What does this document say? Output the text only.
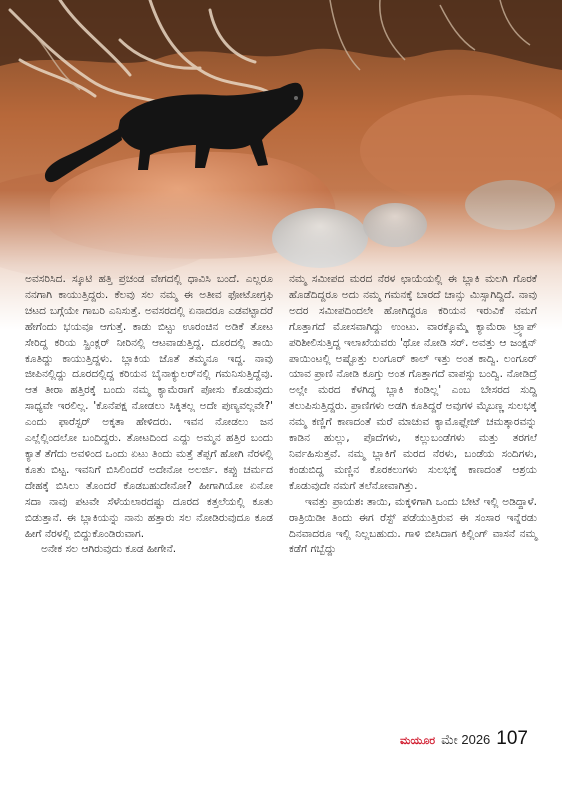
ಅವಸರಿಸಿದ. ಸ್ಕೂಟಿ ಹತ್ತಿ ಪ್ರಚಂಡ ವೇಗದಲ್ಲಿ ಧಾವಿಸಿ ಬಂದೆ. ಎಲ್ಲರೂ ನನಗಾಗಿ ಕಾಯುತ್ತಿದ್ದರು. ಕೆಲವು ಸಲ ನಮ್ಮ ಈ ಅತೀವ ಫೋಟೋಗ್ರಫಿ ಚಟದ ಬಗ್ಗೆಯೇ ಗಾಬರಿ ಎನಿಸುತ್ತೆ. ಅವಸರದಲ್ಲಿ ಏನಾದರೂ ಎಡವಟ್ಟಾದರೆ ಹೇಗೆಂದು ಭಯವೂ ಆಗುತ್ತೆ. ಕಾಡು ಬಿಟ್ಟು ಊರಂಚಿನ ಅಡಿಕೆ ತೋಟ ಸೇರಿದ್ದ ಕರಿಯ ಸ್ಪ್ರಿಂಕ್ಲರ್ ನೀರಿನಲ್ಲಿ ಆಟವಾಡುತ್ತಿದ್ದ. ದೂರದಲ್ಲಿ ತಾಯಿ ಕೂತಿದ್ದು ಕಾಯುತ್ತಿದ್ದಳು. ಬ್ಲಾಕಿಯ ಜೊತೆ ತಮ್ಮನೂ ಇದ್ದ. ನಾವು ಜೀಪಿನಲ್ಲಿದ್ದು ದೂರದಲ್ಲಿದ್ದ ಕರಿಯನ ಬೈನಾಕ್ಯುಲರ್‌ನಲ್ಲಿ ಗಮನಿಸುತ್ತಿದ್ದೆವು. ಆತ ತೀರಾ ಹತ್ತಿರಕ್ಕೆ ಬಂದು ನಮ್ಮ ಕ್ಯಾಮೆರಾಗೆ ಪೋಸು ಕೊಡುವುದು ಸಾಧ್ಯವೇ ಇರಲಿಲ್ಲ. 'ಕೊನೆಪಕ್ಷ ನೋಡಲು ಸಿಕ್ಕಿತಲ್ಲ ಅದೇ ಪುಣ್ಯವಲ್ಲವೇ?' ಎಂದು ಫಾರೆಸ್ಟರ್ ಅಕ್ಕತಾ ಹೇಳಿದರು. ಇವನ ನೋಡಲು ಜನ ಎಲ್ಲೆಲ್ಲಿಂದಲೋ ಬಂದಿದ್ದರು. ತೋಟದಿಂದ ಎದ್ದು ಅಮ್ಮನ ಹತ್ತಿರ ಬಂದು ಕ್ಯಾತೆ ತೆಗೆದು ಅವಳಿಂದ ಒಂದು ಏಟು ತಿಂದು ಮತ್ತೆ ತೆಪ್ಪಗೆ ಹೋಗಿ ನೆರಳಲ್ಲಿ ಕೂತು ಬಿಟ್ಟ. ಇವನಿಗೆ ಬಿಸಿಲಿಂದರೆ ಅದೇನೋ ಅಲರ್ಜಿ. ಕಪ್ಪು ಚರ್ಮದ ದೇಹಕ್ಕೆ ಬಿಸಿಲು ತೊಂದರೆ ಕೊಡಬಹುದೇನೋ? ಹೀಗಾಗಿಯೋ ಏನೋ ಸದಾ ನಾವು ಪಟವೇ ಸೆಳೆಯಲಾರದಷ್ಟು ದೂರದ ಕತ್ತಲೆಯಲ್ಲಿ ಕೂತು ಬಿಡುತ್ತಾನೆ. ಈ ಬ್ಲಾಕಿಯನ್ನು ನಾನು ಹತ್ತಾರು ಸಲ ನೋಡಿರುವುದೂ ಕೂಡ ಹೀಗೆ ನೆರಳಲ್ಲಿ ಬಿದ್ದುಕೊಂಡಿರುವಾಗ.

ಅನೇಕ ಸಲ ಆಗಿರುವುದು ಕೂಡ ಹೀಗೇನೆ.

ನಮ್ಮ ಸಮೀಪದ ಮರದ ನೆರಳ ಛಾಯೆಯಲ್ಲಿ ಈ ಬ್ಲಾಕಿ ಮಲಗಿ ಗೊರಕೆ ಹೊಡೆದಿದ್ದರೂ ಅದು ನಮ್ಮ ಗಮನಕ್ಕೆ ಬಾರದೆ ಚಾನ್ಸು ಮಿಸ್ಸಾಗಿದ್ದಿದೆ. ನಾವು ಅದರ ಸಮೀಪದಿಂದಲೇ ಹೋಗಿದ್ದರೂ ಕರಿಯನ ಇರುವಿಕೆ ನಮಗೆ ಗೊತ್ತಾಗದೆ ಮೋಸವಾಗಿದ್ದು ಉಂಟು. ವಾರಕ್ಕೊಮ್ಮೆ ಕ್ಯಾಮೆರಾ ಟ್ರ್ಯಾಪ್ ಪರಿಶೀಲಿಸುತ್ತಿದ್ದ ಇಲಾಖೆಯವರು 'ಥೋ ನೋಡಿ ಸರ್. ಅವತ್ತು ಆ ಜಂಕ್ಷನ್ ಪಾಯಿಂಟಲ್ಲಿ ಅಷ್ಟೊತ್ತು ಲಂಗೂರ್ ಕಾಲ್ ಇತ್ತು ಅಂತ ಕಾದ್ವಿ. ಲಂಗೂರ್ ಯಾವ ಪ್ರಾಣಿ ನೋಡಿ ಕೂಗ್ತು ಅಂತ ಗೊತ್ತಾಗದೆ ವಾಪಸ್ಸು ಬಂದ್ವಿ. ನೋಡಿದ್ರೆ ಅಲ್ಲೇ ಮರದ ಕೆಳಗಿದ್ದ ಬ್ಲಾಕಿ ಕಂಡಿಲ್ಲ' ಎಂಬ ಬೇಸರದ ಸುದ್ದಿ ತಲುಪಿಸುತ್ತಿದ್ದರು. ಪ್ರಾಣಿಗಳು ಅಡಗಿ ಕೂತಿದ್ದರೆ ಅವುಗಳ ಮೈಬಣ್ಣ ಸುಲಭಕ್ಕೆ ನಮ್ಮ ಕಣ್ಣಿಗೆ ಕಾಣದಂತೆ ಮರೆ ಮಾಚುವ ಕ್ಯಾಮೊಫ್ಲೇಜ್ ಚಮತ್ಕಾರವನ್ನು ಕಾಡಿನ ಹುಲ್ಲು, ಪೊದೆಗಳು, ಕಲ್ಲುಬಂಡೆಗಳು ಮತ್ತು ತರಗಲೆ ನಿರ್ವಹಿಸುತ್ತವೆ. ನಮ್ಮ ಬ್ಲಾಕಿಗೆ ಮರದ ನೆರಳು, ಬಂಡೆಯ ಸಂದಿಗಳು, ಕಂಡುಬಿದ್ದ ಮಣ್ಣಿನ ಕೊರಕಲುಗಳು ಸುಲಭಕ್ಕೆ ಕಾಣದಂತೆ ಆಶ್ರಯ ಕೊಡುವುದೇ ನಮಗೆ ತಲೆನೋವಾಗಿತ್ತು.

ಇವತ್ತು ಪ್ರಾಯಶಃ ತಾಯಿ, ಮಕ್ಕಳಿಗಾಗಿ ಒಂದು ಬೇಟೆ ಇಲ್ಲಿ ಅಡಿದ್ದಾಳೆ. ರಾತ್ರಿಯಿಡೀ ತಿಂದು ಈಗ ರೆಸ್ಟ್ ಪಡೆಯುತ್ತಿರುವ ಈ ಸಂಸಾರ ಇನ್ನೆರಡು ದಿನವಾದರೂ ಇಲ್ಲಿ ನಿಲ್ಲಬಹುದು. ಗಾಳಿ ಬೀಸಿದಾಗ ಕಿಲ್ಲಿಂಗ್ ವಾಸನೆ ನಮ್ಮ ಕಡೆಗೆ ಗಬ್ಬೆದ್ದು

ಮಯೂರ ಮೇ 2026 107
